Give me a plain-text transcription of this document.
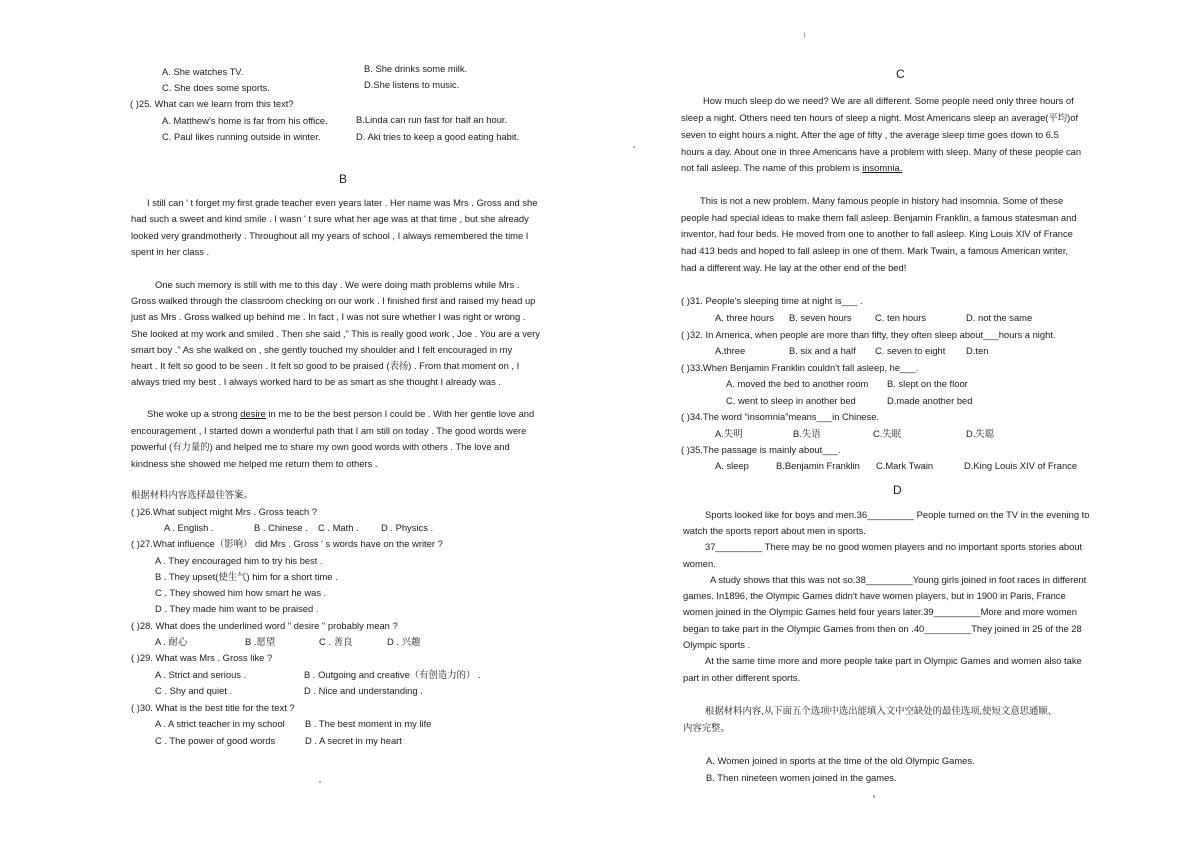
A. She watches TV.	B. She drinks some milk.
C. She does some sports.	D.She listens to music.
( )25. What can we learn from this text?
A. Matthew's home is far from his office.	B.Linda can run fast for half an hour.
C. Paul likes running outside in winter.	D. Aki tries to keep a good eating habit.
B
I still can ' t forget my first grade teacher even years later . Her name was Mrs . Gross and she
had such a sweet and kind smile . I wasn ' t sure what her age was at that time , but she already
looked very grandmotherly . Throughout all my years of school , I always remembered the time I
spent in her class .
One such memory is still with me to this day . We were doing math problems while Mrs .
Gross walked through the classroom checking on our work . I finished first and raised my head up
just as Mrs . Gross walked up behind me . In fact , I was not sure whether I was right or wrong .
She looked at my work and smiled . Then she said ," This is really good work , Joe . You are a very
smart boy ." As she walked on , she gently touched my shoulder and I felt encouraged in my
heart . It felt so good to be seen . It felt so good to be praised (表扬) . From that moment on , I
always tried my best . I always worked hard to be as smart as she thought I already was .
She woke up a strong desire in me to be the best person I could be . With her gentle love and
encouragement , I started down a wonderful path that I am still on today . The good words were
powerful (有力量的) and helped me to share my own good words with others . The love and
kindness she showed me helped me return them to others .
根据材料内容选择最佳答案。
( )26.What subject might Mrs . Gross teach ?
A . English .	B . Chinese . C . Math . D . Physics .
( )27.What influence（影响） did Mrs . Gross ' s words have on the writer ?
A . They encouraged him to try his best .
B . They upset(使生气) him for a short time .
C . They showed him how smart he was .
D . They made him want to be praised .
( )28. What does the underlined word " desire " probably mean ?
A . 耐心	B .愿望	C . 善良	D . 兴趣
( )29. What was Mrs . Gross like ?
A . Strict and serious .	B . Outgoing and creative（有创造力的） .
C . Shy and quiet .	D . Nice and understanding .
( )30. What is the best title for the text ?
A . A strict teacher in my school B . The best moment in my life
C . The power of good words	D . A secret in my heart
C
How much sleep do we need? We are all different. Some people need only three hours of
sleep a night. Others need ten hours of sleep a night. Most Americans sleep an average(平均)of
seven to eight hours a night. After the age of fifty , the average sleep time goes down to 6.5
hours a day. About one in three Americans have a problem with sleep. Many of these people can
not fall asleep. The name of this problem is insomnia.
This is not a new problem. Many famous people in history had insomnia. Some of these
people had special ideas to make them fall asleep. Benjamin Franklin, a famous statesman and
inventor, had four beds. He moved from one to another to fall asleep. King Louis XIV of France
had 413 beds and hoped to fall asleep in one of them. Mark Twain, a famous American writer,
had a different way. He lay at the other end of the bed!
( )31. People's sleeping time at night is___ .
A. three hours B. seven hours C. ten hours	D. not the same
( )32. In America, when people are more than fifty, they often sleep about___hours a night.
A.three	B. six and a half C. seven to eight D.ten
( )33.When Benjamin Franklin couldn't fall asleep, he___.
A. moved the bed to another room B. slept on the floor
C. went to sleep in another bed	D.made another bed
( )34.The word “insomnia”means___in Chinese.
A.失明	B.失语	C.失眠	D.失聪
( )35.The passage is mainly about___.
A. sleep	B.Benjamin Franklin C.Mark Twain	D.King Louis XIV of France
D
Sports looked like for boys and men.36_________ People turned on the TV in the evening to
watch the sports report about men in sports.
37_________ There may be no good women players and no important sports stories about
women.
A study shows that this was not so.38_________Young girls joined in foot races in different
games. In1896, the Olympic Games didn't have women players, but in 1900 in Paris, France
women joined in the Olympic Games held four years later.39_________More and more women
began to take part in the Olympic Games from then on .40_________They joined in 25 of the 28
Olympic sports .
At the same time more and more people take part in Olympic Games and women also take
part in other different sports.
根据材料内容,从下面五个选项中选出能填入文中空缺处的最佳选项,使短文意思通顺、
内容完整。
A. Women joined in sports at the time of the old Olympic Games.
B. Then nineteen women joined in the games.
